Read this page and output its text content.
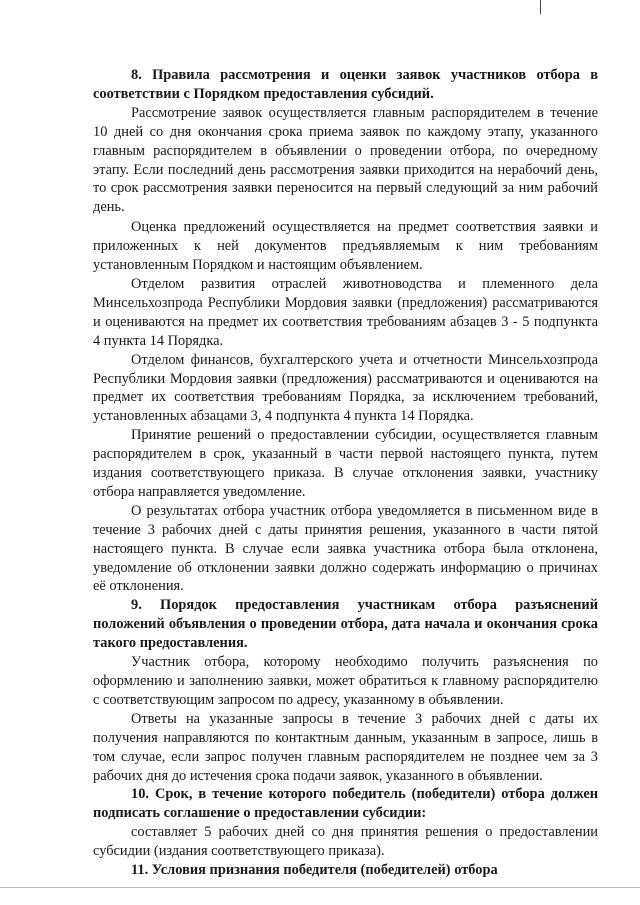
8. Правила рассмотрения и оценки заявок участников отбора в соответствии с Порядком предоставления субсидий.

Рассмотрение заявок осуществляется главным распорядителем в течение 10 дней со дня окончания срока приема заявок по каждому этапу, указанного главным распорядителем в объявлении о проведении отбора, по очередному этапу. Если последний день рассмотрения заявки приходится на нерабочий день, то срок рассмотрения заявки переносится на первый следующий за ним рабочий день.

Оценка предложений осуществляется на предмет соответствия заявки и приложенных к ней документов предъявляемым к ним требованиям установленным Порядком и настоящим объявлением.

Отделом развития отраслей животноводства и племенного дела Минсельхозпрода Республики Мордовия заявки (предложения) рассматриваются и оцениваются на предмет их соответствия требованиям абзацев 3 - 5 подпункта 4 пункта 14 Порядка.

Отделом финансов, бухгалтерского учета и отчетности Минсельхозпрода Республики Мордовия заявки (предложения) рассматриваются и оцениваются на предмет их соответствия требованиям Порядка, за исключением требований, установленных абзацами 3, 4 подпункта 4 пункта 14 Порядка.

Принятие решений о предоставлении субсидии, осуществляется главным распорядителем в срок, указанный в части первой настоящего пункта, путем издания соответствующего приказа. В случае отклонения заявки, участнику отбора направляется уведомление.

О результатах отбора участник отбора уведомляется в письменном виде в течение 3 рабочих дней с даты принятия решения, указанного в части пятой настоящего пункта. В случае если заявка участника отбора была отклонена, уведомление об отклонении заявки должно содержать информацию о причинах её отклонения.

9. Порядок предоставления участникам отбора разъяснений положений объявления о проведении отбора, дата начала и окончания срока такого предоставления.

Участник отбора, которому необходимо получить разъяснения по оформлению и заполнению заявки, может обратиться к главному распорядителю с соответствующим запросом по адресу, указанному в объявлении.

Ответы на указанные запросы в течение 3 рабочих дней с даты их получения направляются по контактным данным, указанным в запросе, лишь в том случае, если запрос получен главным распорядителем не позднее чем за 3 рабочих дня до истечения срока подачи заявок, указанного в объявлении.

10. Срок, в течение которого победитель (победители) отбора должен подписать соглашение о предоставлении субсидии:

составляет 5 рабочих дней со дня принятия решения о предоставлении субсидии (издания соответствующего приказа).

11. Условия признания победителя (победителей) отбора
